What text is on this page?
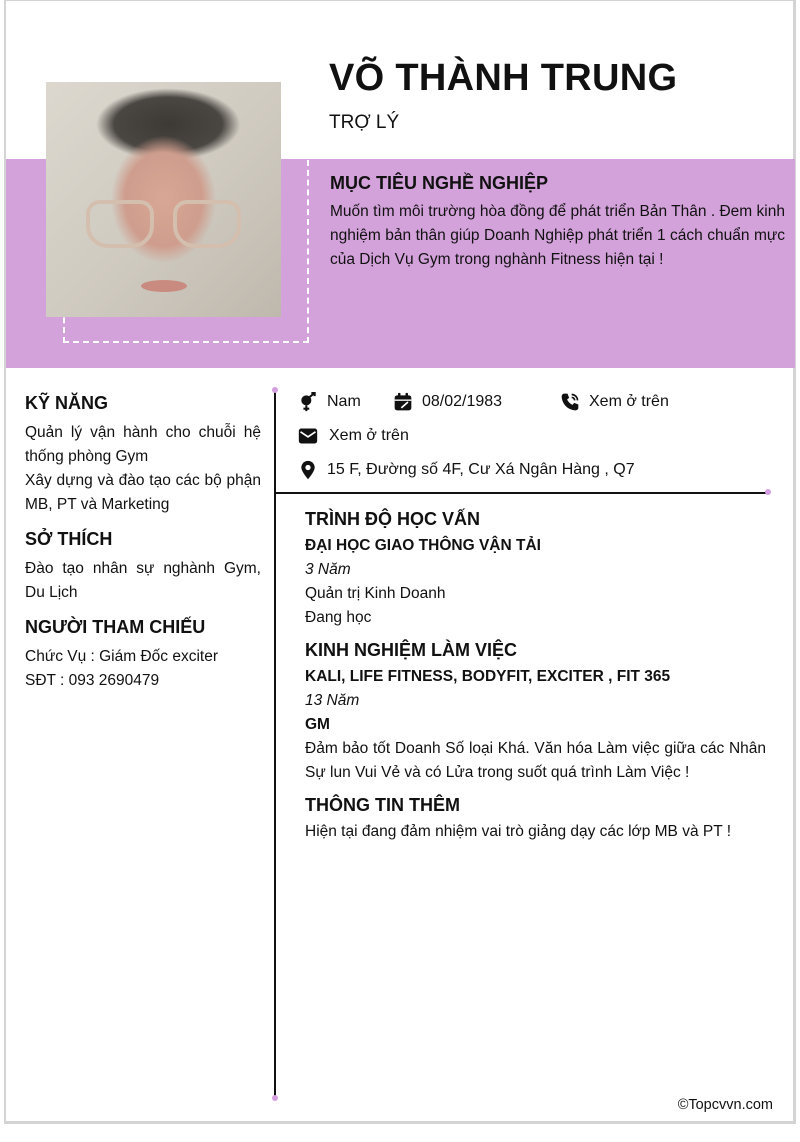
VÕ THÀNH TRUNG
TRỢ LÝ
MỤC TIÊU NGHỀ NGHIỆP
Muốn tìm môi trường hòa đồng để phát triển Bản Thân . Đem kinh nghiệm bản thân giúp Doanh Nghiệp phát triển 1 cách chuẩn mực của Dịch Vụ Gym trong nghành Fitness hiện tại !
KỸ NĂNG
Quản lý vận hành cho chuỗi hệ thống phòng Gym
Xây dựng và đào tạo các bộ phận MB, PT và Marketing
SỞ THÍCH
Đào tạo nhân sự nghành Gym, Du Lịch
NGƯỜI THAM CHIẾU
Chức Vụ : Giám Đốc exciter
SĐT : 093 2690479
Nam	08/02/1983	Xem ở trên
Xem ở trên
15 F, Đường số 4F, Cư Xá Ngân Hàng , Q7
TRÌNH ĐỘ HỌC VẤN
ĐẠI HỌC GIAO THÔNG VẬN TẢI
3 Năm
Quản trị Kinh Doanh
Đang học
KINH NGHIỆM LÀM VIỆC
KALI, LIFE FITNESS, BODYFIT, EXCITER , FIT 365
13 Năm
GM
Đảm bảo tốt Doanh Số loại Khá. Văn hóa Làm việc giữa các Nhân Sự lun Vui Vẻ và có Lửa trong suốt quá trình Làm Việc !
THÔNG TIN THÊM
Hiện tại đang đảm nhiệm vai trò giảng dạy các lớp MB và PT !
©Topcvvn.com
